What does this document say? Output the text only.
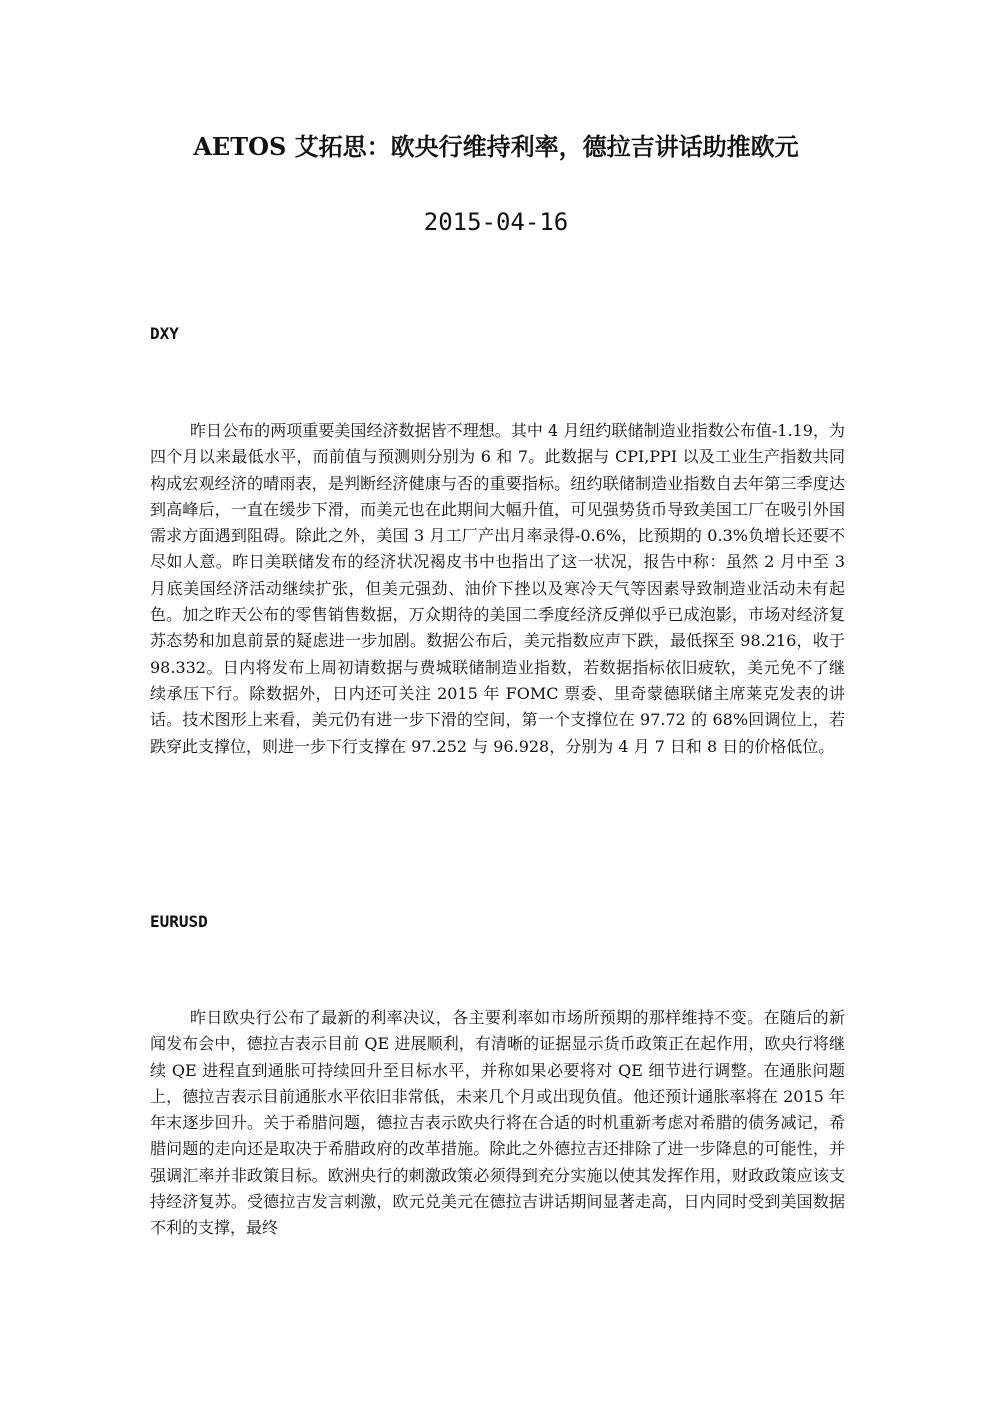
AETOS 艾拓思：欧央行维持利率，德拉吉讲话助推欧元

2015-04-16

DXY

昨日公布的两项重要美国经济数据皆不理想。其中 4 月纽约联储制造业指数公布值-1.19，为四个月以来最低水平，而前值与预测则分别为 6 和 7。此数据与 CPI,PPI 以及工业生产指数共同构成宏观经济的晴雨表，是判断经济健康与否的重要指标。纽约联储制造业指数自去年第三季度达到高峰后，一直在缓步下滑，而美元也在此期间大幅升值，可见强势货币导致美国工厂在吸引外国需求方面遇到阻碍。除此之外，美国 3 月工厂产出月率录得-0.6%，比预期的 0.3%负增长还要不尽如人意。昨日美联储发布的经济状况褐皮书中也指出了这一状况，报告中称：虽然 2 月中至 3 月底美国经济活动继续扩张，但美元强劲、油价下挫以及寒冷天气等因素导致制造业活动未有起色。加之昨天公布的零售销售数据，万众期待的美国二季度经济反弹似乎已成泡影，市场对经济复苏态势和加息前景的疑虑进一步加剧。数据公布后，美元指数应声下跌，最低探至 98.216，收于 98.332。日内将发布上周初请数据与费城联储制造业指数，若数据指标依旧疲软，美元免不了继续承压下行。除数据外，日内还可关注 2015 年 FOMC 票委、里奇蒙德联储主席莱克发表的讲话。技术图形上来看，美元仍有进一步下滑的空间，第一个支撑位在 97.72 的 68%回调位上，若跌穿此支撑位，则进一步下行支撑在 97.252 与 96.928，分别为 4 月 7 日和 8 日的价格低位。

EURUSD

昨日欧央行公布了最新的利率决议，各主要利率如市场所预期的那样维持不变。在随后的新闻发布会中，德拉吉表示目前 QE 进展顺利，有清晰的证据显示货币政策正在起作用，欧央行将继续 QE 进程直到通胀可持续回升至目标水平，并称如果必要将对 QE 细节进行调整。在通胀问题上，德拉吉表示目前通胀水平依旧非常低，未来几个月或出现负值。他还预计通胀率将在 2015 年年末逐步回升。关于希腊问题，德拉吉表示欧央行将在合适的时机重新考虑对希腊的债务减记，希腊问题的走向还是取决于希腊政府的改革措施。除此之外德拉吉还排除了进一步降息的可能性，并强调汇率并非政策目标。欧洲央行的刺激政策必须得到充分实施以使其发挥作用，财政政策应该支持经济复苏。受德拉吉发言刺激，欧元兑美元在德拉吉讲话期间显著走高，日内同时受到美国数据不利的支撑，最终
